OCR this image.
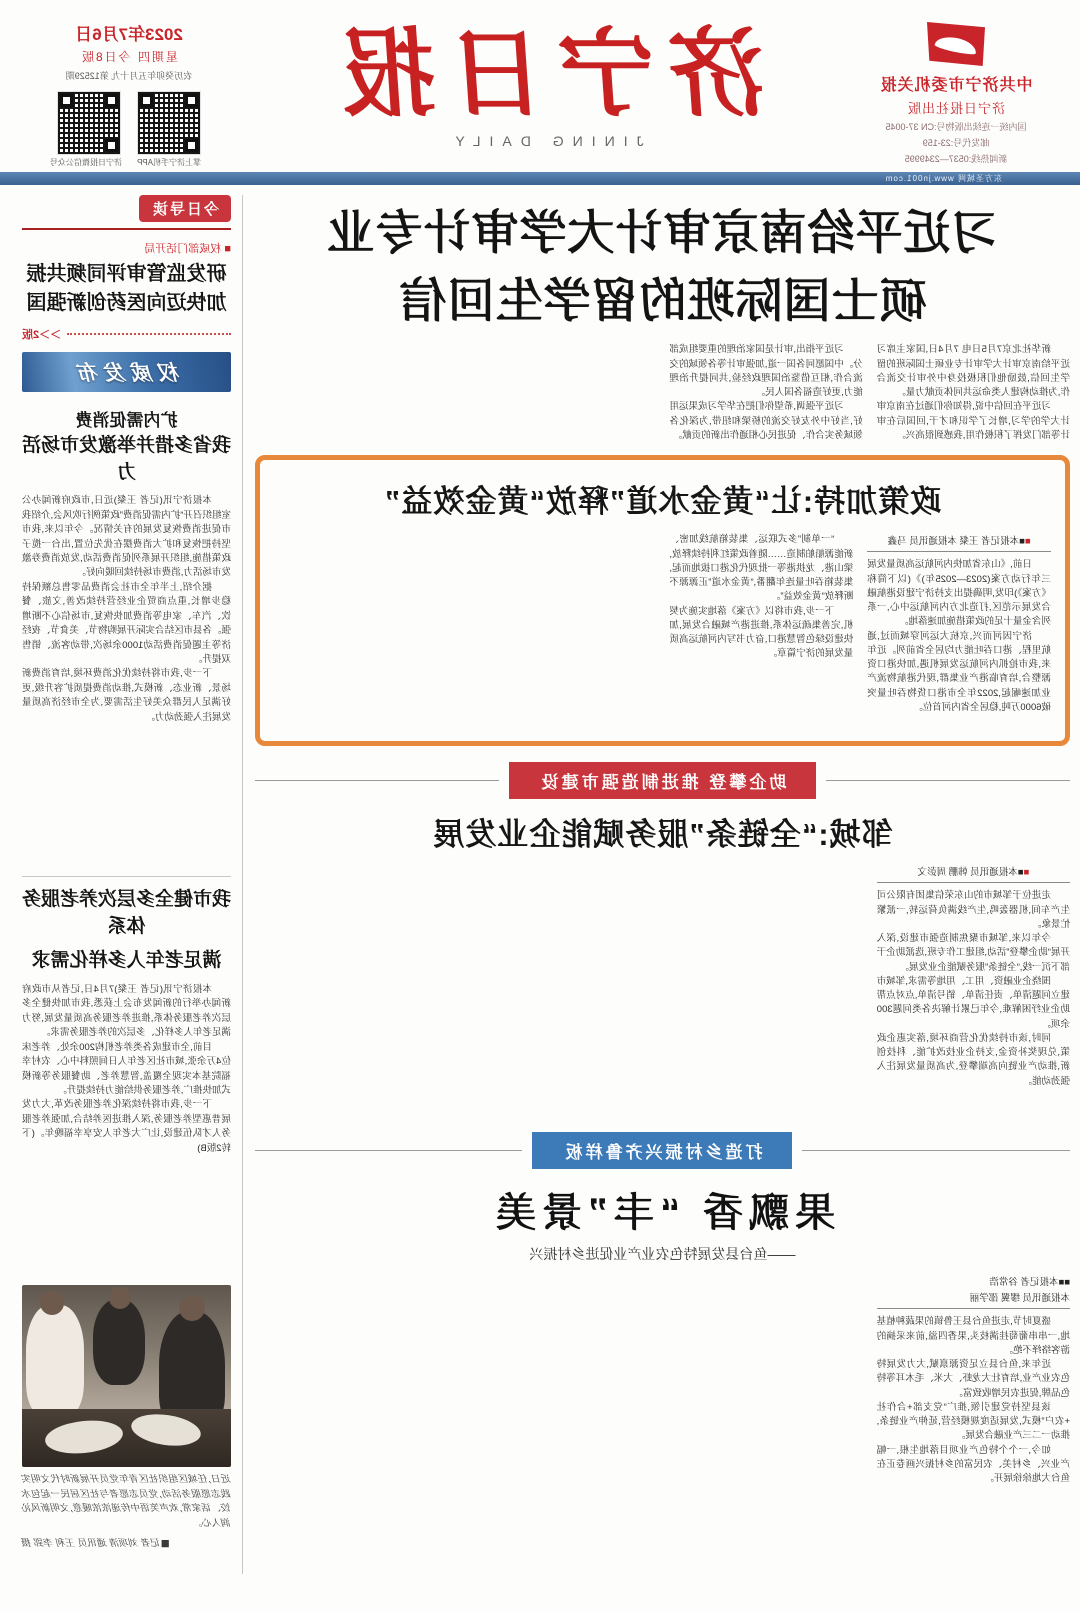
中共济宁市委机关报
济宁日报社出版
国内统一连续出版物号:CN 37-0045
邮发代号:23-159
新闻热线:0537—2349995
济宁日报
JINING DAILY
2023年7月6日
星期四 今日8版
农历癸卯年五月十九 第12529期
掌上济宁手机APP
济宁日报微信公众号
东方圣城网 www.jn001.com
习近平给南京审计大学审计专业
硕士国际班的留学生回信

新华社北京7月5日电 7月4日,国家主席习近平给南京审计大学审计专业硕士国际班的留学生回信,鼓励他们积极投身中外审计交流合作,为推动构建人类命运共同体贡献力量。

习近平在回信中说,得知你们通过在南京审计大学的学习,增长了学识和才干,回国后在审计等部门发挥了积极作用,我感到很高兴。

习近平指出,审计是国家治理的重要组成部分。中国愿同各国一道,加强审计等各领域的交流合作,相互借鉴治国理政经验,共同提升治理能力,更好造福各国人民。

习近平强调,希望你们把在华学习成果运用好,当好中外友好交流的桥梁和纽带,为深化各领域务实合作、促进民心相通作出新的贡献。

政策加持:让“黄金水道”释放“黄金效益”
■■本报记者 王粲 本报通讯员 马鑫

日前,《山东省加快内河航运高质量发展三年行动方案(2023—2025年)》(以下简称《方案》)印发,明确提出支持济宁建设港航融合发展示范区,打造北方内河航运中心,一系列含金量十足的政策措施加速落地。

济宁因河而兴,京杭大运河穿城而过,通航里程、港口吞吐能力均居全省前列。近年来,我市抢抓内河航运发展机遇,加快港口资源整合,培育临港产业集群,现代港航物流产业加速崛起,2022年全市港口货物吞吐量突破6000万吨,稳居全省内河首位。

“一单制”多式联运、集装箱航线加密、新能源船舶制造……随着政策红利持续释放,梁山港、龙拱港等一批现代化港口拔地而起,集装箱吞吐量连年翻番,“黄金水道”正源源不断释放“黄金效益”。

下一步,我市将以《方案》落地实施为契机,完善集疏运体系,推进港产城融合发展,加快建设绿色智慧港口,奋力书写内河航运高质量发展的济宁篇章。

助企攀登 推进制造强市建设
邹城:“全链条”服务赋能企业发展
■■本报通讯员 韩鹏 周彭文

走进位于邹城市的山东荣信集团有限公司生产车间,机器轰鸣,生产线满负荷运转,一派繁忙景象。

今年以来,邹城市聚焦制造强市建设,深入开展“助企攀登”活动,组建工作专班,选派助企干部下沉一线,“全链条”服务赋能企业发展。

围绕企业融资、用工、用地等需求,邹城市建立问题清单、责任清单、销号清单,点对点帮助企业纾困解难,今年已累计解决各类问题300余项。

同时,该市持续优化营商环境,落实惠企政策,兑现奖补资金,支持企业技改扩能、科技创新,推动产业链向高端攀登,为高质量发展注入强劲动能。

打造乡村振兴齐鲁样板
果飘香 “丰”景美
——鱼台县发展特色农业产业促进乡村振兴
■■本报记者 谷常浩
本报通讯员 缪翼 邵学丽

盛夏时节,走进鱼台县王鲁镇的果蔬种植基地,一串串葡萄挂满枝头,果香四溢,前来采摘的游客络绎不绝。

近年来,鱼台县立足资源禀赋,大力发展特色农业产业,培育壮大龙虾、大米、毛木耳等特色品牌,促进农民增收致富。

该县坚持党建引领,推广“党支部+合作社+农户”模式,发展适度规模经营,延伸产业链条,推动一二三产业融合发展。

如今,一个个特色产业项目落地生根,一幅产业兴、乡村美、农民富的乡村振兴画卷正在鱼台大地徐徐展开。

今日导读
■ 权威部门话开局
研发监管审评同频共振
加快迈向医药创新强国
＞＞2版
权威发布
扩内需促消费
我省多措并举激发市场活力

本报济宁讯(记者 王粲)近日,市政府新闻办公室组织召开“扩内需促消费”政策例行吹风会,介绍我市促进消费恢复发展的有关情况。今年以来,我市坚持把恢复和扩大消费摆在优先位置,出台一揽子政策措施,组织开展系列促消费活动,发放消费券激发市场活力,消费市场持续回暖向好。

据介绍,上半年全市社会消费品零售总额保持稳步增长,重点商贸企业经营持续改善,文旅、餐饮、汽车、家电等消费加快恢复,市场信心不断增强。各县市区结合实际开展购物节、美食节、夜经济等主题促消费活动1000余场次,带动客流、销售双提升。

下一步,我市将持续优化消费环境,培育消费新场景、新业态、新模式,推动消费提质扩容升级,更好满足人民群众美好生活需要,为全市经济高质量发展注入强劲动力。

我市健全多层次养老服务体系
满足老年人多样化需求

本报济宁讯(记者 王粲)7月4日,记者从市政府新闻办举行的新闻发布会上获悉,我市加快健全多层次养老服务体系,推进养老服务高质量发展,努力满足老年人多样化、多层次的养老服务需求。

目前,全市建成各类养老机构200余处、养老床位4万余张,城市社区老年人日间照料中心、农村幸福院基本实现全覆盖,智慧养老、助餐服务等新模式加快推广,养老服务供给能力持续提升。

下一步,我市将持续深化养老服务改革,大力发展普惠型养老服务,深入推进医养结合,加强养老服务人才队伍建设,让广大老年人安享幸福晚年。(下转2版B)

近日,任城区组织社区青年党员开展新时代文明实践志愿服务活动,党员志愿者与社区居民一起包水饺、话家常,欢声笑语中传递浓浓暖意,文明新风沁润人心。
■记者 刘项清 通讯员 王利 李郢 摄
